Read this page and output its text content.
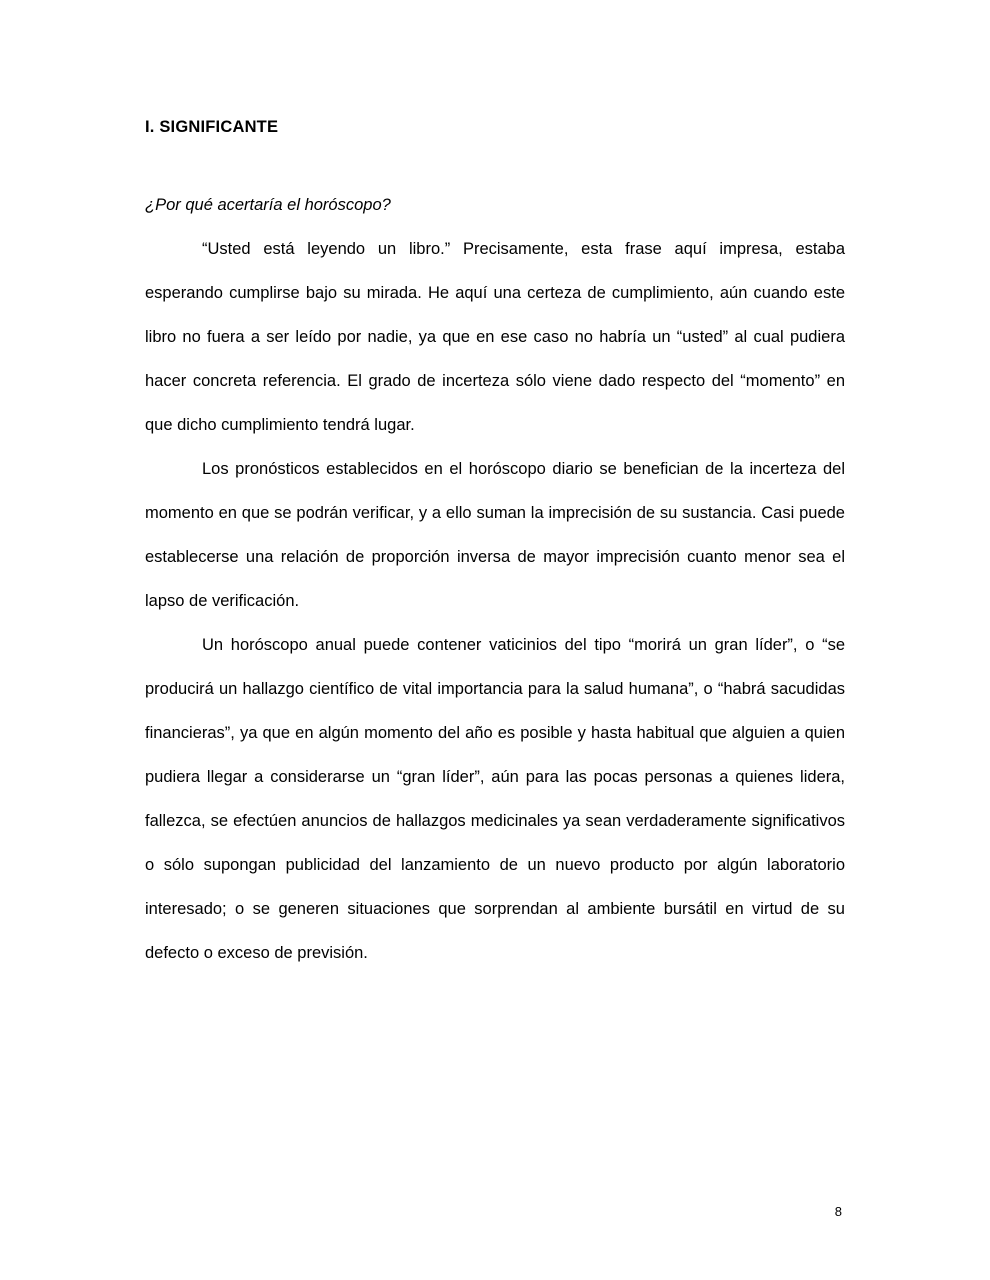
I. SIGNIFICANTE
¿Por qué acertaría el horóscopo?

“Usted está leyendo un libro.” Precisamente, esta frase aquí impresa, estaba esperando cumplirse bajo su mirada. He aquí una certeza de cumplimiento, aún cuando este libro no fuera a ser leído por nadie, ya que en ese caso no habría un “usted” al cual pudiera hacer concreta referencia. El grado de incerteza sólo viene dado respecto del “momento” en que dicho cumplimiento tendrá lugar.

Los pronósticos establecidos en el horóscopo diario se benefician de la incerteza del momento en que se podrán verificar, y a ello suman la imprecisión de su sustancia. Casi puede establecerse una relación de proporción inversa de mayor imprecisión cuanto menor sea el lapso de verificación.

Un horóscopo anual puede contener vaticinios del tipo “morirá un gran líder”, o “se producirá un hallazgo científico de vital importancia para la salud humana”, o “habrá sacudidas financieras”, ya que en algún momento del año es posible y hasta habitual que alguien a quien pudiera llegar a considerarse un “gran líder”, aún para las pocas personas a quienes lidera, fallezca, se efectúen anuncios de hallazgos medicinales ya sean verdaderamente significativos o sólo supongan publicidad del lanzamiento de un nuevo producto por algún laboratorio interesado; o se generen situaciones que sorprendan al ambiente bursátil en virtud de su defecto o exceso de previsión.

8
